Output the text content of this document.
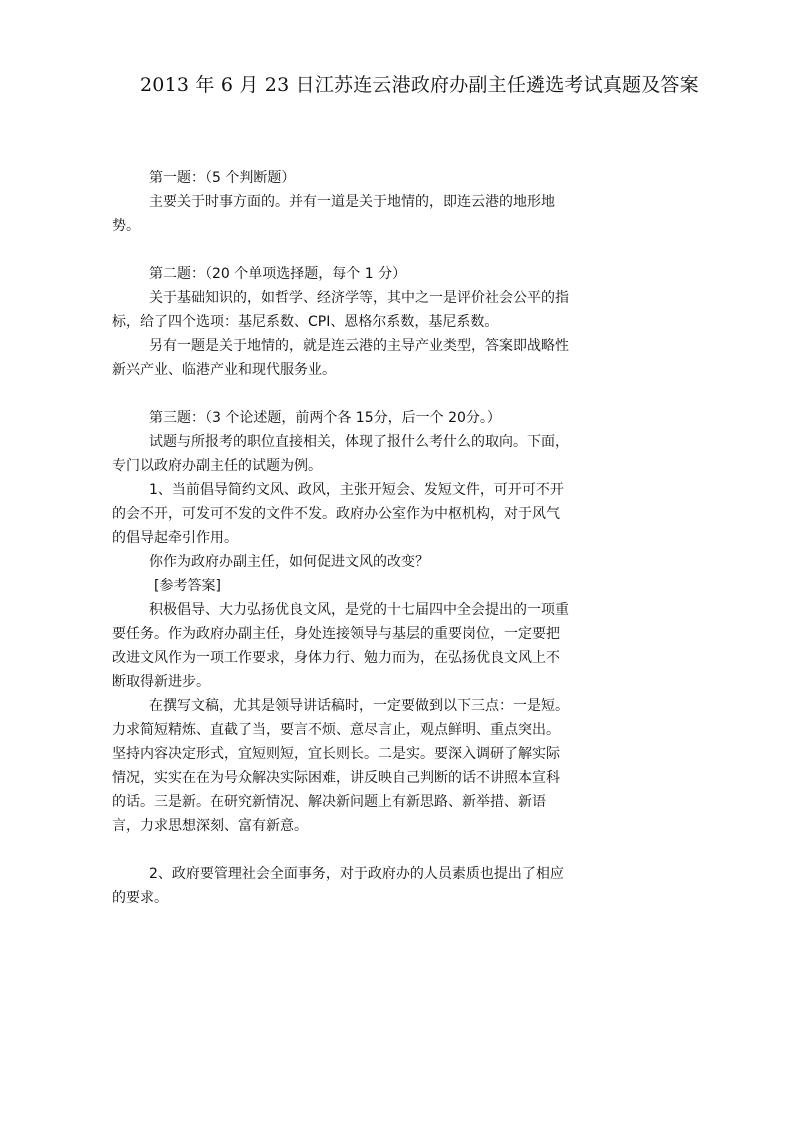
2013 年 6 月 23 日江苏连云港政府办副主任遴选考试真题及答案

第一题：（5 个判断题）

主要关于时事方面的。并有一道是关于地情的，即连云港的地形地势。

第二题：（20 个单项选择题，每个 1 分）

关于基础知识的，如哲学、经济学等，其中之一是评价社会公平的指标，给了四个选项：基尼系数、CPI、恩格尔系数，基尼系数。

另有一题是关于地情的，就是连云港的主导产业类型，答案即战略性新兴产业、临港产业和现代服务业。

第三题：（3 个论述题，前两个各 15分，后一个 20分。）

试题与所报考的职位直接相关，体现了报什么考什么的取向。下面，专门以政府办副主任的试题为例。

1、当前倡导简约文风、政风，主张开短会、发短文件，可开可不开的会不开，可发可不发的文件不发。政府办公室作为中枢机构，对于风气的倡导起牵引作用。

你作为政府办副主任，如何促进文风的改变？

[参考答案]

积极倡导、大力弘扬优良文风，是党的十七届四中全会提出的一项重要任务。作为政府办副主任，身处连接领导与基层的重要岗位，一定要把改进文风作为一项工作要求，身体力行、勉力而为，在弘扬优良文风上不断取得新进步。

在撰写文稿，尤其是领导讲话稿时，一定要做到以下三点：一是短。力求简短精炼、直截了当，要言不烦、意尽言止，观点鲜明、重点突出。坚持内容决定形式，宜短则短，宜长则长。二是实。要深入调研了解实际情况，实实在在为号众解决实际困难，讲反映自己判断的话不讲照本宣科的话。三是新。在研究新情况、解决新问题上有新思路、新举措、新语言，力求思想深刻、富有新意。

2、政府要管理社会全面事务，对于政府办的人员素质也提出了相应的要求。
